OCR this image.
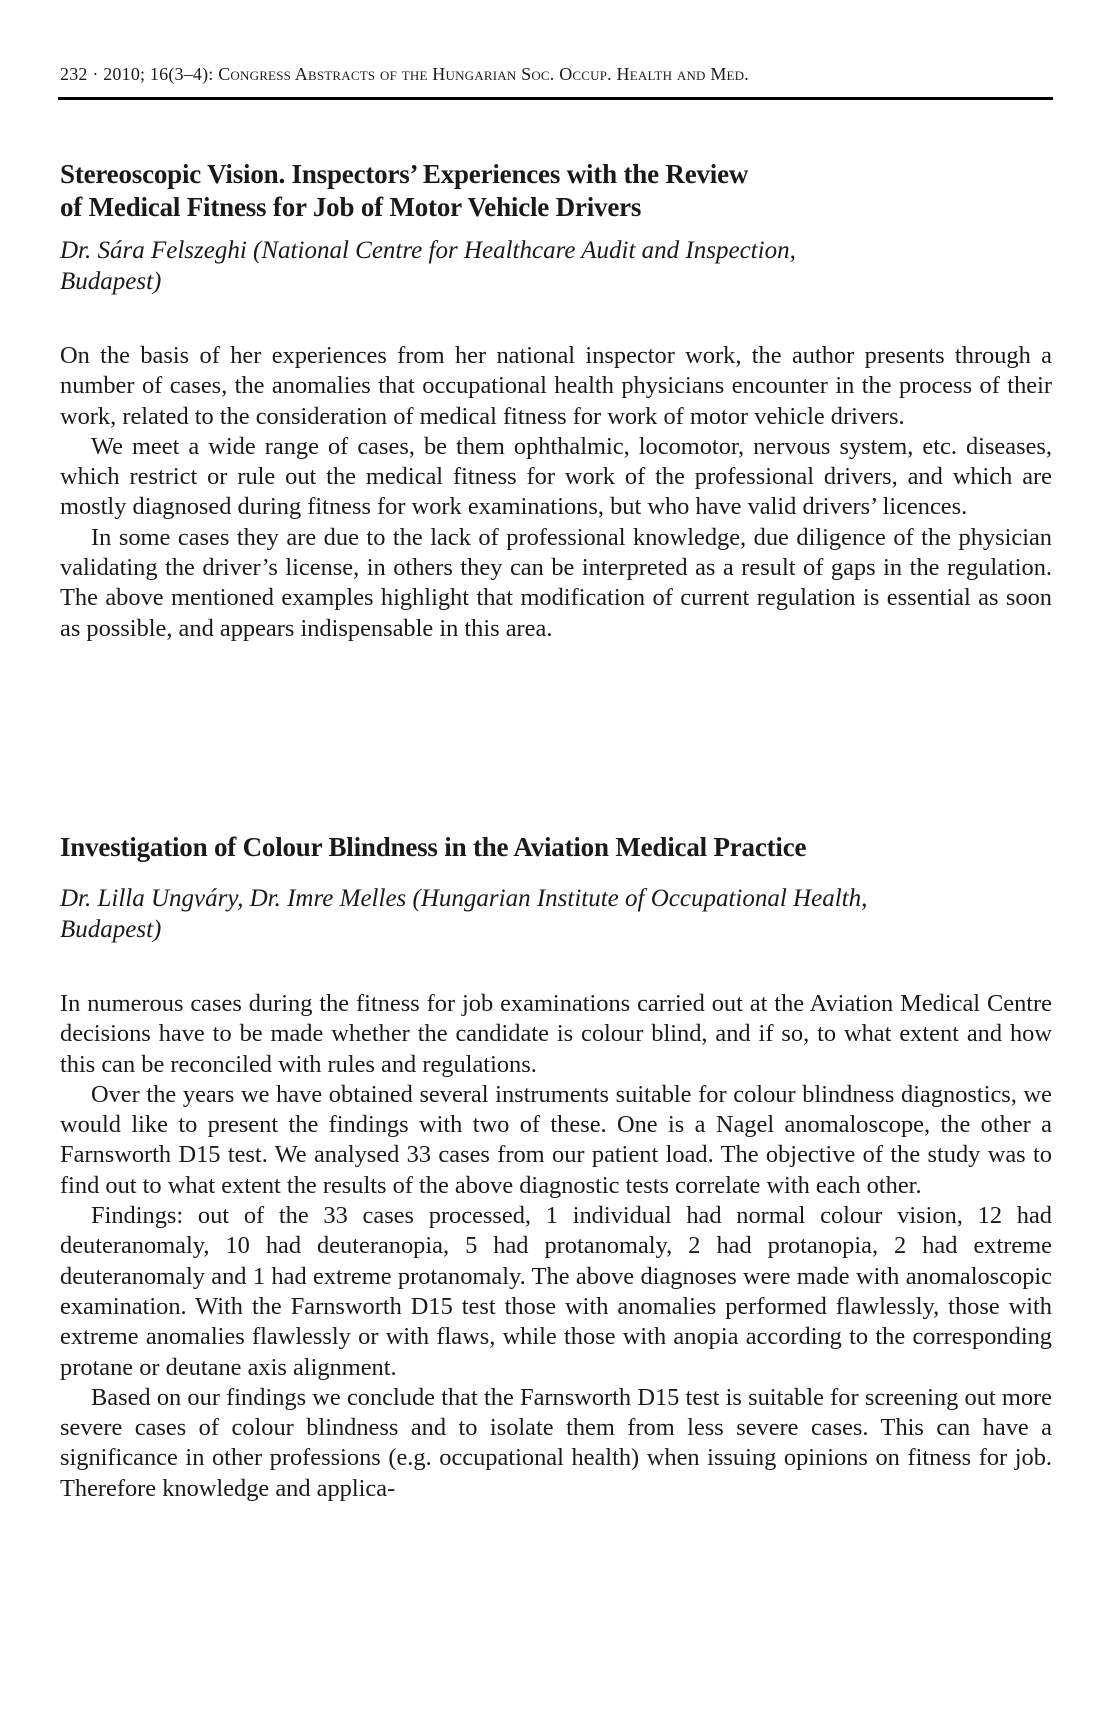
232 · 2010; 16(3–4): Congress Abstracts of the Hungarian Soc. Occup. Health and Med.
Stereoscopic Vision. Inspectors’ Experiences with the Review
of Medical Fitness for Job of Motor Vehicle Drivers
Dr. Sára Felszeghi (National Centre for Healthcare Audit and Inspection,
Budapest)

On the basis of her experiences from her national inspector work, the author presents through a number of cases, the anomalies that occupational health physicians encounter in the process of their work, related to the consideration of medical fitness for work of motor vehicle drivers.

We meet a wide range of cases, be them ophthalmic, locomotor, nervous system, etc. diseases, which restrict or rule out the medical fitness for work of the professional drivers, and which are mostly diagnosed during fitness for work examinations, but who have valid drivers’ licences.

In some cases they are due to the lack of professional knowledge, due diligence of the physician validating the driver’s license, in others they can be interpreted as a result of gaps in the regulation. The above mentioned examples highlight that modification of current regulation is essential as soon as possible, and appears indispensable in this area.

Investigation of Colour Blindness in the Aviation Medical Practice
Dr. Lilla Ungváry, Dr. Imre Melles (Hungarian Institute of Occupational Health,
Budapest)

In numerous cases during the fitness for job examinations carried out at the Aviation Medical Centre decisions have to be made whether the candidate is colour blind, and if so, to what extent and how this can be reconciled with rules and regulations.

Over the years we have obtained several instruments suitable for colour blindness diagnostics, we would like to present the findings with two of these. One is a Nagel anomaloscope, the other a Farnsworth D15 test. We analysed 33 cases from our patient load. The objective of the study was to find out to what extent the results of the above diagnostic tests correlate with each other.

Findings: out of the 33 cases processed, 1 individual had normal colour vision, 12 had deuteranomaly, 10 had deuteranopia, 5 had protanomaly, 2 had protanopia, 2 had extreme deuteranomaly and 1 had extreme protanomaly. The above diagnoses were made with anomaloscopic examination. With the Farnsworth D15 test those with anomalies performed flawlessly, those with extreme anomalies flawlessly or with flaws, while those with anopia according to the corresponding protane or deutane axis alignment.

Based on our findings we conclude that the Farnsworth D15 test is suitable for screening out more severe cases of colour blindness and to isolate them from less severe cases. This can have a significance in other professions (e.g. occupational health) when issuing opinions on fitness for job. Therefore knowledge and applica-
